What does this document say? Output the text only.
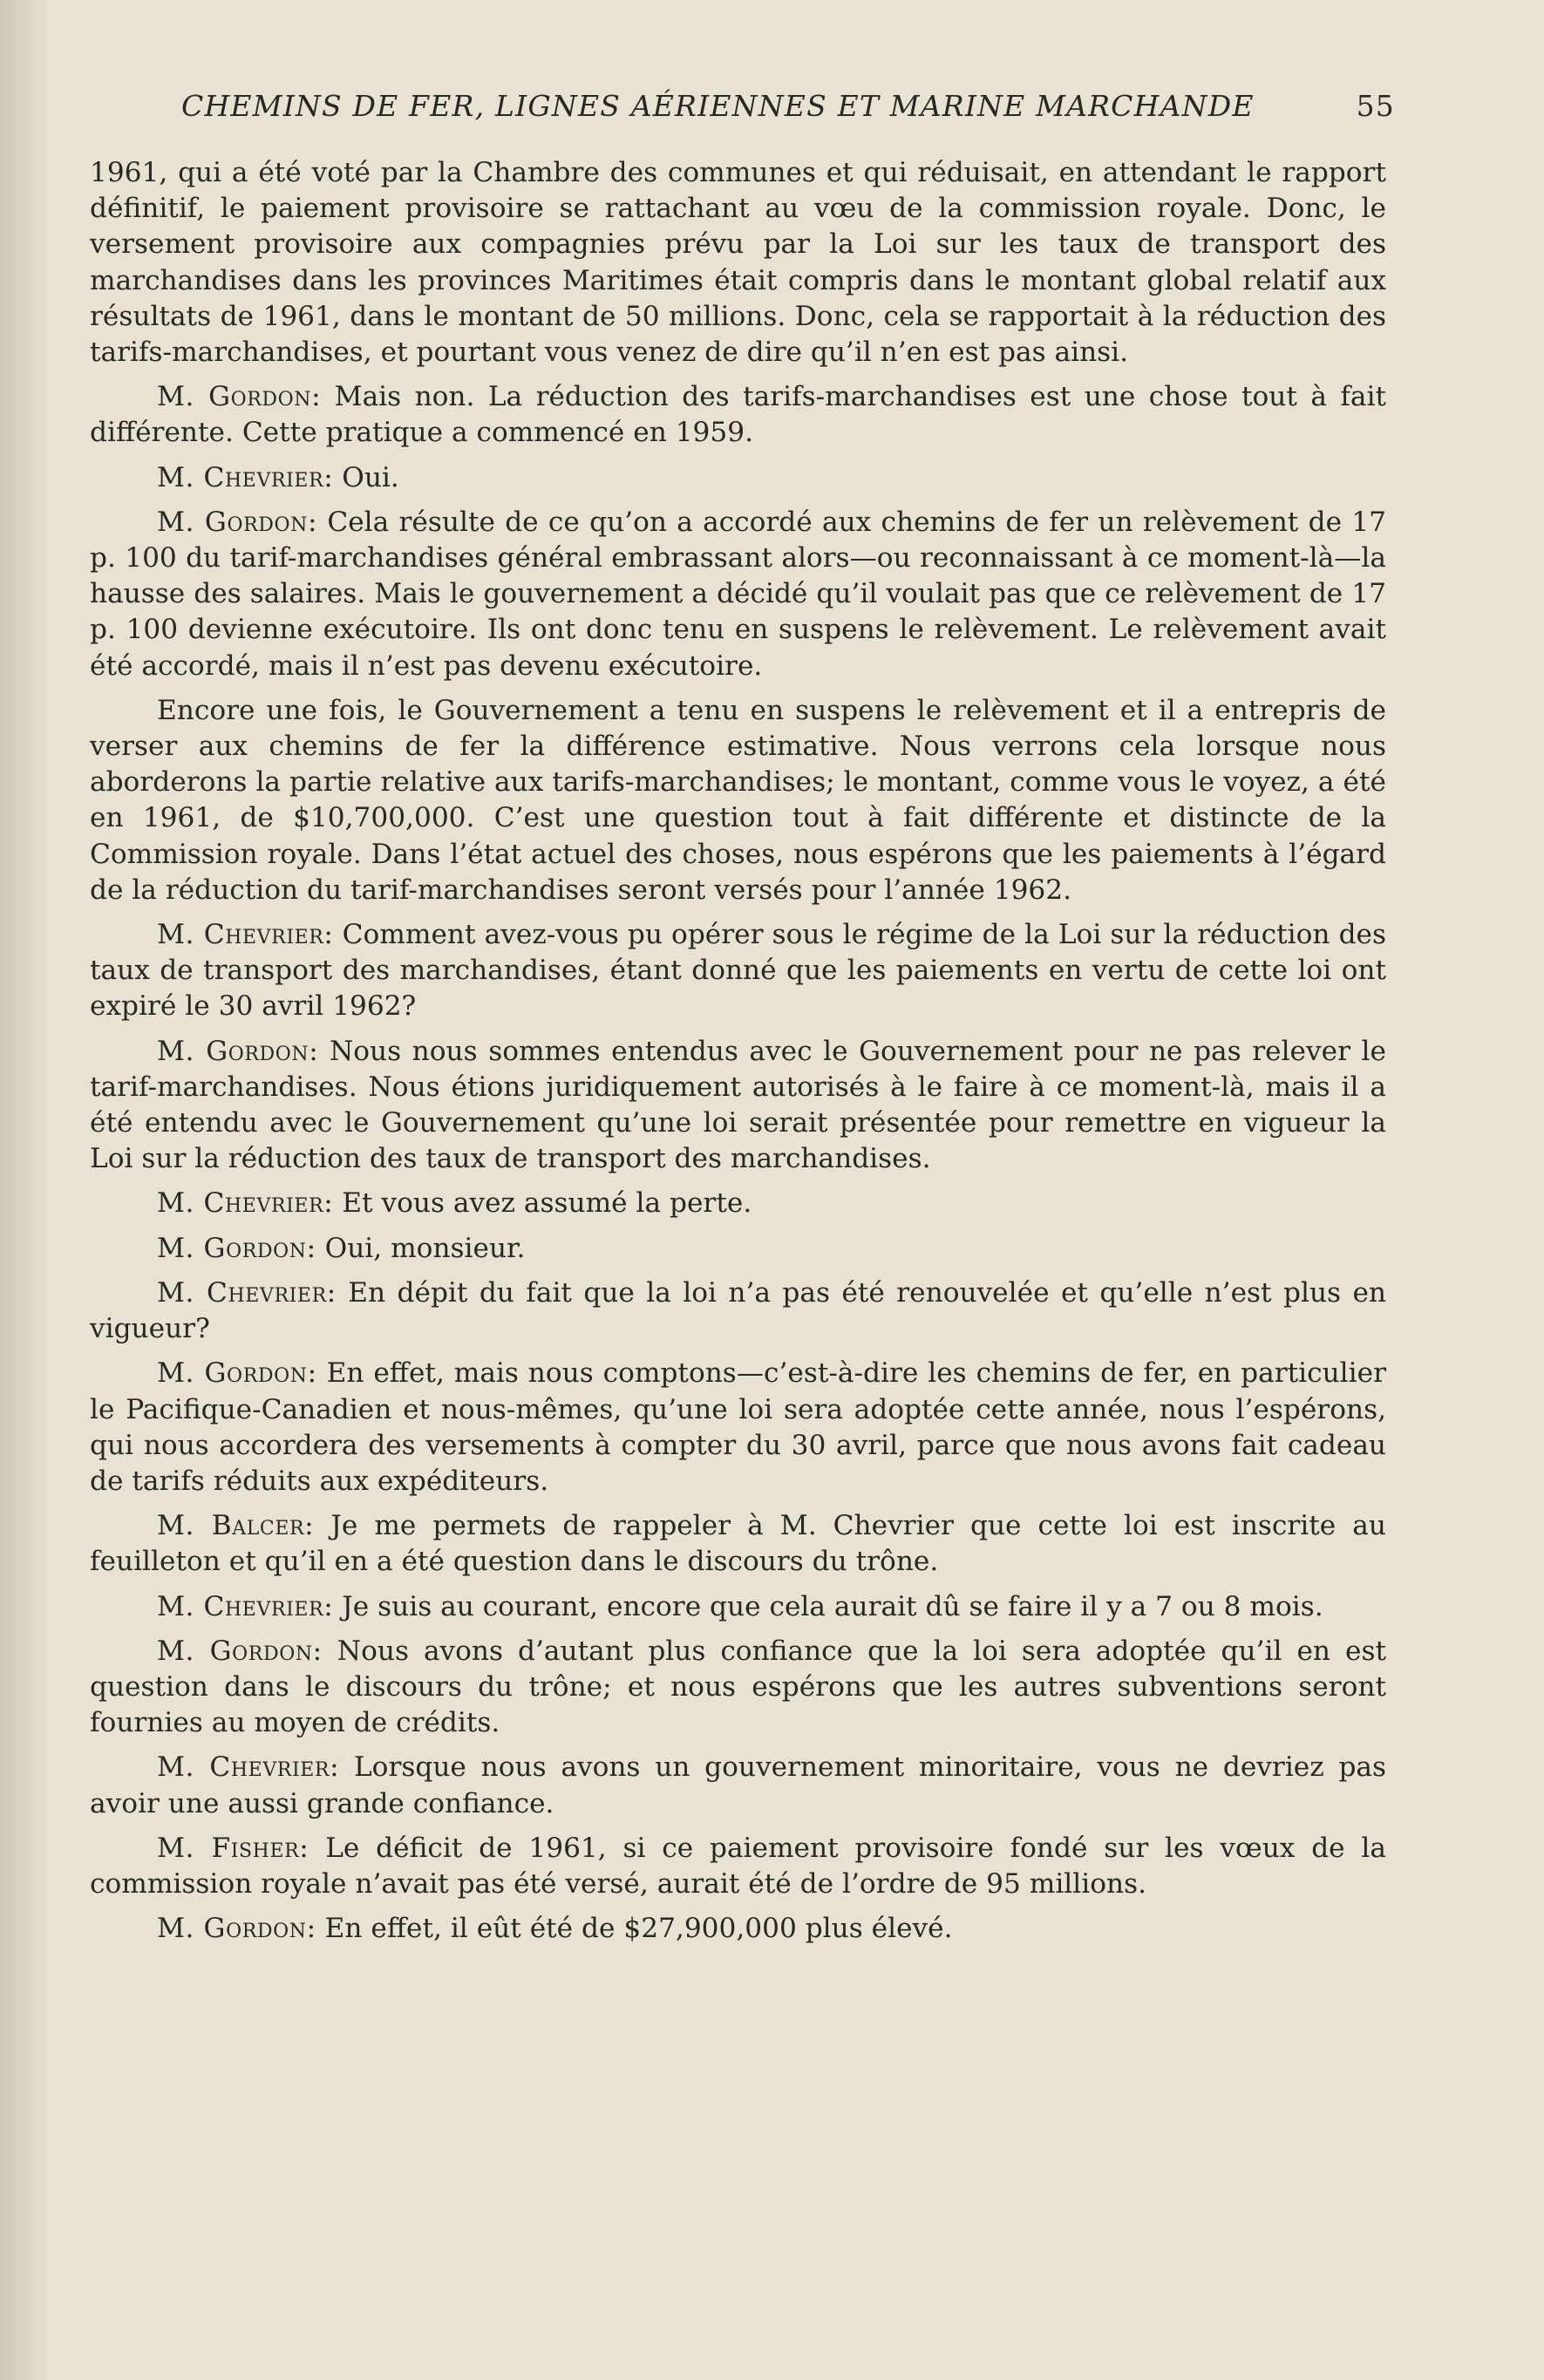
CHEMINS DE FER, LIGNES AÉRIENNES ET MARINE MARCHANDE	55

1961, qui a été voté par la Chambre des communes et qui réduisait, en attendant le rapport définitif, le paiement provisoire se rattachant au vœu de la commission royale. Donc, le versement provisoire aux compagnies prévu par la Loi sur les taux de transport des marchandises dans les provinces Maritimes était compris dans le montant global relatif aux résultats de 1961, dans le montant de 50 millions. Donc, cela se rapportait à la réduction des tarifs-marchandises, et pourtant vous venez de dire qu’il n’en est pas ainsi.

M. Gordon: Mais non. La réduction des tarifs-marchandises est une chose tout à fait différente. Cette pratique a commencé en 1959.

M. Chevrier: Oui.

M. Gordon: Cela résulte de ce qu’on a accordé aux chemins de fer un relèvement de 17 p. 100 du tarif-marchandises général embrassant alors—ou reconnaissant à ce moment-là—la hausse des salaires. Mais le gouvernement a décidé qu’il voulait pas que ce relèvement de 17 p. 100 devienne exécutoire. Ils ont donc tenu en suspens le relèvement. Le relèvement avait été accordé, mais il n’est pas devenu exécutoire.

Encore une fois, le Gouvernement a tenu en suspens le relèvement et il a entrepris de verser aux chemins de fer la différence estimative. Nous verrons cela lorsque nous aborderons la partie relative aux tarifs-marchandises; le montant, comme vous le voyez, a été en 1961, de $10,700,000. C’est une question tout à fait différente et distincte de la Commission royale. Dans l’état actuel des choses, nous espérons que les paiements à l’égard de la réduction du tarif-marchandises seront versés pour l’année 1962.

M. Chevrier: Comment avez-vous pu opérer sous le régime de la Loi sur la réduction des taux de transport des marchandises, étant donné que les paiements en vertu de cette loi ont expiré le 30 avril 1962?

M. Gordon: Nous nous sommes entendus avec le Gouvernement pour ne pas relever le tarif-marchandises. Nous étions juridiquement autorisés à le faire à ce moment-là, mais il a été entendu avec le Gouvernement qu’une loi serait présentée pour remettre en vigueur la Loi sur la réduction des taux de transport des marchandises.

M. Chevrier: Et vous avez assumé la perte.

M. Gordon: Oui, monsieur.

M. Chevrier: En dépit du fait que la loi n’a pas été renouvelée et qu’elle n’est plus en vigueur?

M. Gordon: En effet, mais nous comptons—c’est-à-dire les chemins de fer, en particulier le Pacifique-Canadien et nous-mêmes, qu’une loi sera adoptée cette année, nous l’espérons, qui nous accordera des versements à compter du 30 avril, parce que nous avons fait cadeau de tarifs réduits aux expéditeurs.

M. Balcer: Je me permets de rappeler à M. Chevrier que cette loi est inscrite au feuilleton et qu’il en a été question dans le discours du trône.

M. Chevrier: Je suis au courant, encore que cela aurait dû se faire il y a 7 ou 8 mois.

M. Gordon: Nous avons d’autant plus confiance que la loi sera adoptée qu’il en est question dans le discours du trône; et nous espérons que les autres subventions seront fournies au moyen de crédits.

M. Chevrier: Lorsque nous avons un gouvernement minoritaire, vous ne devriez pas avoir une aussi grande confiance.

M. Fisher: Le déficit de 1961, si ce paiement provisoire fondé sur les vœux de la commission royale n’avait pas été versé, aurait été de l’ordre de 95 millions.

M. Gordon: En effet, il eût été de $27,900,000 plus élevé.
